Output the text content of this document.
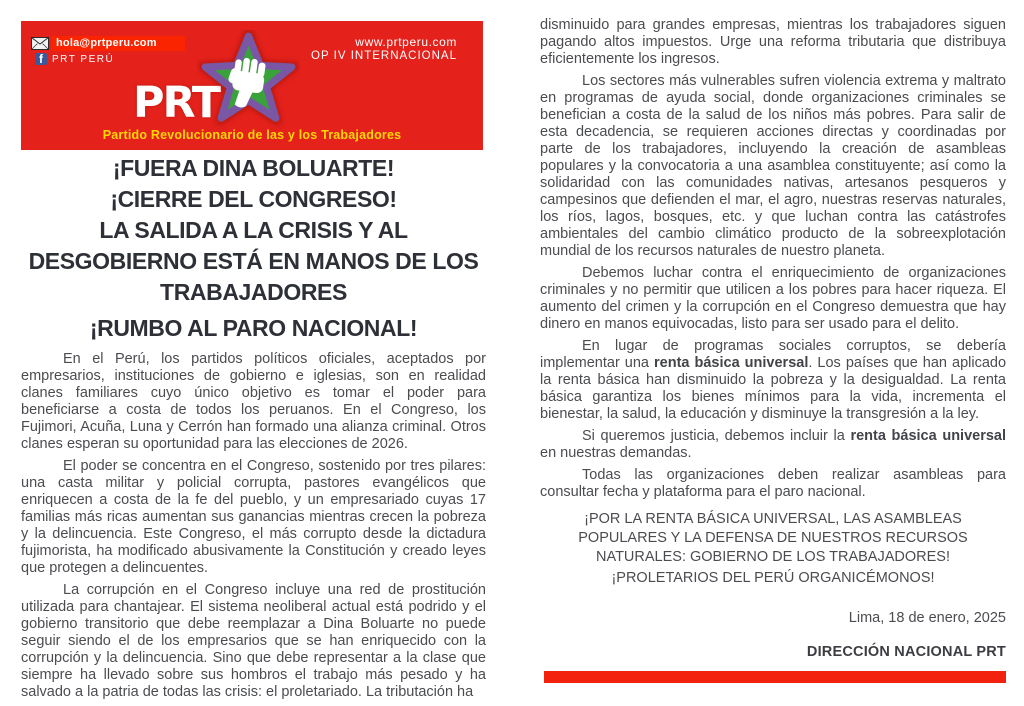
hola@prtperu.com
f PRT PERÚ
www.prtperu.com
OP IV INTERNACIONAL
PRT
Partido Revolucionario de las y los Trabajadores
¡FUERA DINA BOLUARTE!
¡CIERRE DEL CONGRESO!
LA SALIDA A LA CRISIS Y AL DESGOBIERNO ESTÁ EN MANOS DE LOS TRABAJADORES
¡RUMBO AL PARO NACIONAL!

En el Perú, los partidos políticos oficiales, aceptados por empresarios, instituciones de gobierno e iglesias, son en realidad clanes familiares cuyo único objetivo es tomar el poder para beneficiarse a costa de todos los peruanos. En el Congreso, los Fujimori, Acuña, Luna y Cerrón han formado una alianza criminal. Otros clanes esperan su oportunidad para las elecciones de 2026.

El poder se concentra en el Congreso, sostenido por tres pilares: una casta militar y policial corrupta, pastores evangélicos que enriquecen a costa de la fe del pueblo, y un empresariado cuyas 17 familias más ricas aumentan sus ganancias mientras crecen la pobreza y la delincuencia. Este Congreso, el más corrupto desde la dictadura fujimorista, ha modificado abusivamente la Constitución y creado leyes que protegen a delincuentes.

La corrupción en el Congreso incluye una red de prostitución utilizada para chantajear. El sistema neoliberal actual está podrido y el gobierno transitorio que debe reemplazar a Dina Boluarte no puede seguir siendo el de los empresarios que se han enriquecido con la corrupción y la delincuencia. Sino que debe representar a la clase que siempre ha llevado sobre sus hombros el trabajo más pesado y ha salvado a la patria de todas las crisis: el proletariado. La tributación ha

disminuido para grandes empresas, mientras los trabajadores siguen pagando altos impuestos. Urge una reforma tributaria que distribuya eficientemente los ingresos.

Los sectores más vulnerables sufren violencia extrema y maltrato en programas de ayuda social, donde organizaciones criminales se benefician a costa de la salud de los niños más pobres. Para salir de esta decadencia, se requieren acciones directas y coordinadas por parte de los trabajadores, incluyendo la creación de asambleas populares y la convocatoria a una asamblea constituyente; así como la solidaridad con las comunidades nativas, artesanos pesqueros y campesinos que defienden el mar, el agro, nuestras reservas naturales, los ríos, lagos, bosques, etc. y que luchan contra las catástrofes ambientales del cambio climático producto de la sobreexplotación mundial de los recursos naturales de nuestro planeta.

Debemos luchar contra el enriquecimiento de organizaciones criminales y no permitir que utilicen a los pobres para hacer riqueza. El aumento del crimen y la corrupción en el Congreso demuestra que hay dinero en manos equivocadas, listo para ser usado para el delito.

En lugar de programas sociales corruptos, se debería implementar una renta básica universal. Los países que han aplicado la renta básica han disminuido la pobreza y la desigualdad. La renta básica garantiza los bienes mínimos para la vida, incrementa el bienestar, la salud, la educación y disminuye la transgresión a la ley.

Si queremos justicia, debemos incluir la renta básica universal en nuestras demandas.

Todas las organizaciones deben realizar asambleas para consultar fecha y plataforma para el paro nacional.

¡POR LA RENTA BÁSICA UNIVERSAL, LAS ASAMBLEAS POPULARES Y LA DEFENSA DE NUESTROS RECURSOS NATURALES: GOBIERNO DE LOS TRABAJADORES!
¡PROLETARIOS DEL PERÚ ORGANICÉMONOS!
Lima, 18 de enero, 2025
DIRECCIÓN NACIONAL PRT
